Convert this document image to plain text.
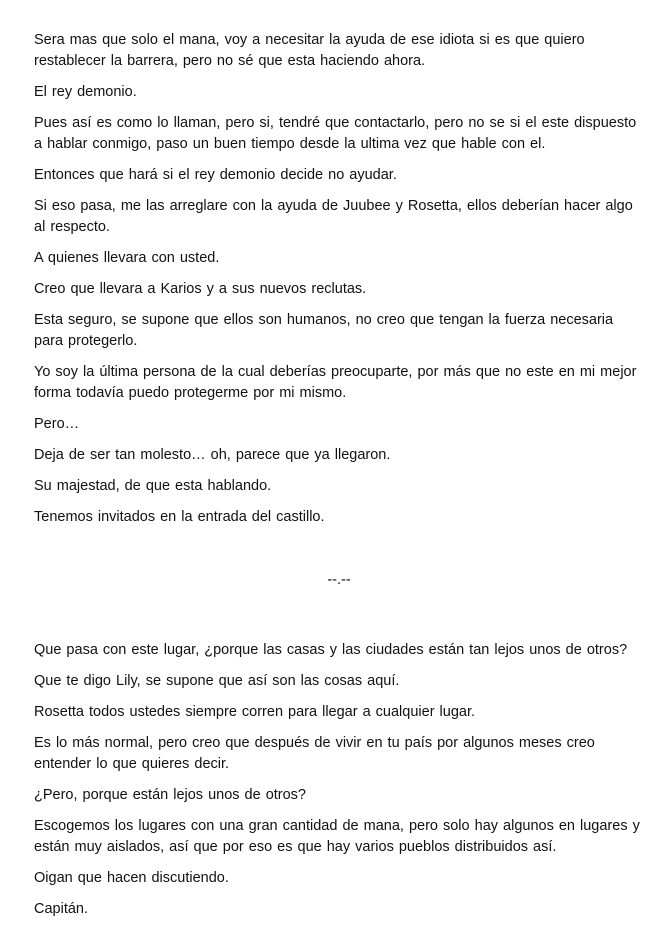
Sera mas que solo el mana, voy a necesitar la ayuda de ese idiota si es que quiero restablecer la barrera, pero no sé que esta haciendo ahora.

El rey demonio.

Pues así es como lo llaman, pero si, tendré que contactarlo, pero no se si el este dispuesto a hablar conmigo, paso un buen tiempo desde la ultima vez que hable con el.

Entonces que hará si el rey demonio decide no ayudar.

Si eso pasa, me las arreglare con la ayuda de Juubee y Rosetta, ellos deberían hacer algo al respecto.

A quienes llevara con usted.

Creo que llevara a Karios y a sus nuevos reclutas.

Esta seguro, se supone que ellos son humanos, no creo que tengan la fuerza necesaria para protegerlo.

Yo soy la última persona de la cual deberías preocuparte, por más que no este en mi mejor forma todavía puedo protegerme por mi mismo.

Pero…

Deja de ser tan molesto… oh, parece que ya llegaron.

Su majestad, de que esta hablando.

Tenemos invitados en la entrada del castillo.

--.--

Que pasa con este lugar, ¿porque las casas y las ciudades están tan lejos unos de otros?

Que te digo Lily, se supone que así son las cosas aquí.

Rosetta todos ustedes siempre corren para llegar a cualquier lugar.

Es lo más normal, pero creo que después de vivir en tu país por algunos meses creo entender lo que quieres decir.

¿Pero, porque están lejos unos de otros?

Escogemos los lugares con una gran cantidad de mana, pero solo hay algunos en lugares y están muy aislados, así que por eso es que hay varios pueblos distribuidos así.

Oigan que hacen discutiendo.

Capitán.
